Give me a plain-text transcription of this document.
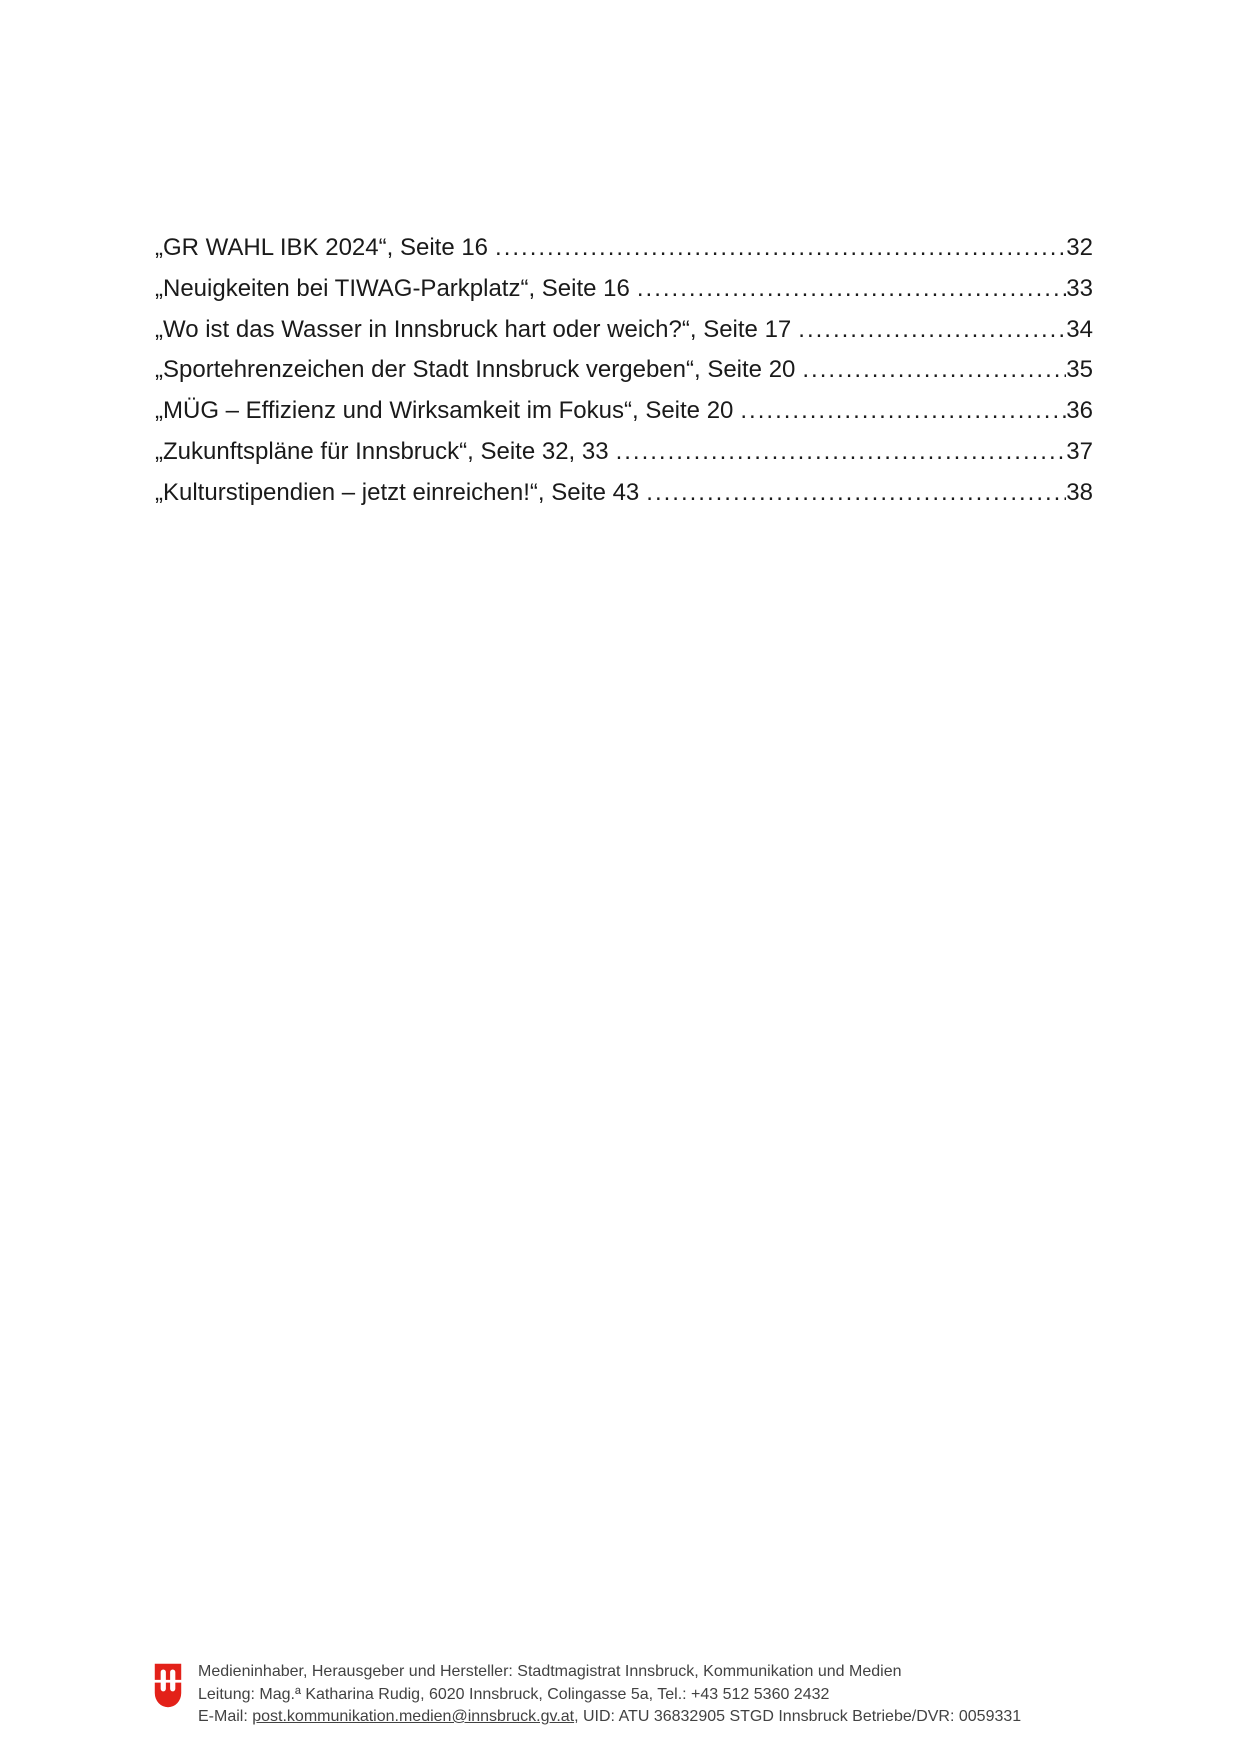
„GR WAHL IBK 2024“, Seite 16 .....	32
„Neuigkeiten bei TIWAG-Parkplatz“, Seite 16 .....	33
„Wo ist das Wasser in Innsbruck hart oder weich?“, Seite 17 .....	34
„Sportehrenzeichen der Stadt Innsbruck vergeben“, Seite 20 .....	35
„MÜG – Effizienz und Wirksamkeit im Fokus“, Seite 20 .....	36
„Zukunftspläne für Innsbruck“, Seite 32, 33 .....	37
„Kulturstipendien – jetzt einreichen!“, Seite 43 .....	38
Medieninhaber, Herausgeber und Hersteller: Stadtmagistrat Innsbruck, Kommunikation und Medien
Leitung: Mag.ª Katharina Rudig, 6020 Innsbruck, Colingasse 5a, Tel.: +43 512 5360 2432
E-Mail: post.kommunikation.medien@innsbruck.gv.at, UID: ATU 36832905 STGD Innsbruck Betriebe/DVR: 0059331
